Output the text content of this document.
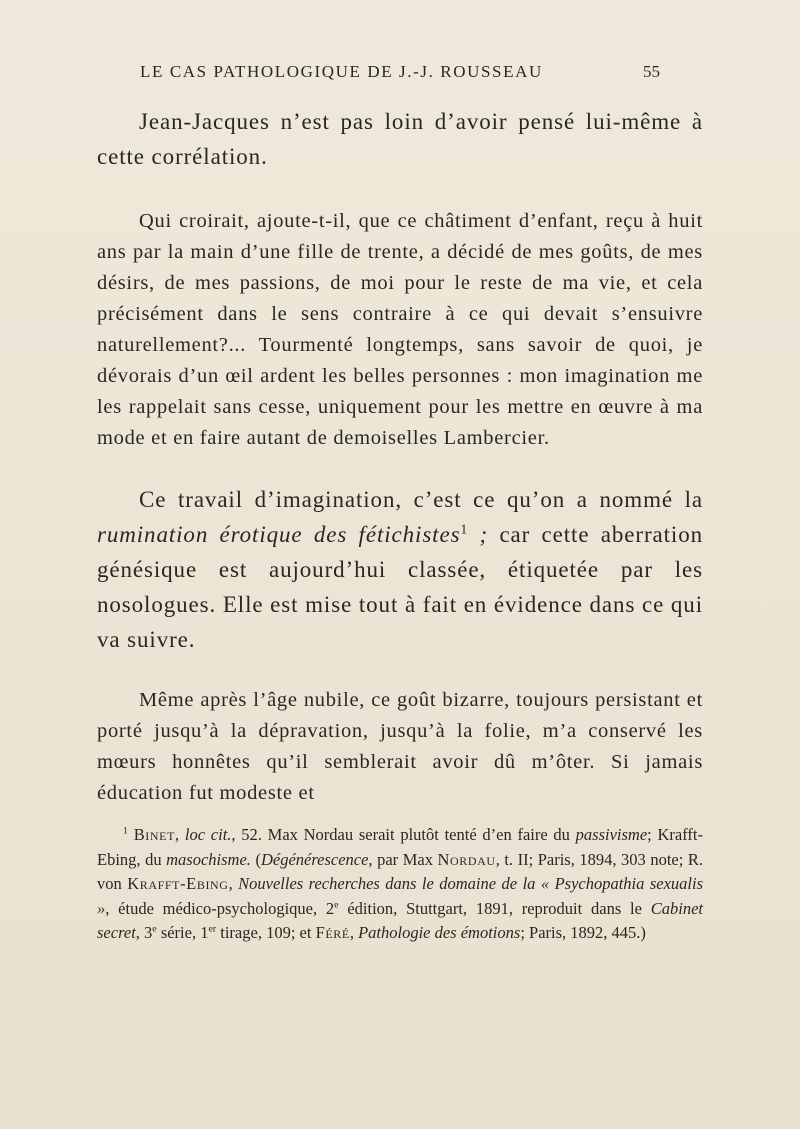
LE CAS PATHOLOGIQUE DE J.-J. ROUSSEAU	55

Jean-Jacques n’est pas loin d’avoir pensé lui-même à cette corrélation.

Qui croirait, ajoute-t-il, que ce châtiment d’enfant, reçu à huit ans par la main d’une fille de trente, a décidé de mes goûts, de mes désirs, de mes passions, de moi pour le reste de ma vie, et cela précisément dans le sens contraire à ce qui devait s’ensuivre naturellement?... Tourmenté longtemps, sans savoir de quoi, je dévorais d’un œil ardent les belles personnes : mon imagination me les rappelait sans cesse, uniquement pour les mettre en œuvre à ma mode et en faire autant de demoiselles Lambercier.

Ce travail d’imagination, c’est ce qu’on a nommé la rumination érotique des fétichistes$^1$ ; car cette aberration génésique est aujourd’hui classée, étiquetée par les nosologues. Elle est mise tout à fait en évidence dans ce qui va suivre.

Même après l’âge nubile, ce goût bizarre, toujours persistant et porté jusqu’à la dépravation, jusqu’à la folie, m’a conservé les mœurs honnêtes qu’il semblerait avoir dû m’ôter. Si jamais éducation fut modeste et

$^1$ Binet, loc cit., 52. Max Nordau serait plutôt tenté d’en faire du passivisme; Krafft-Ebing, du masochisme. (Dégénérescence, par Max Nordau, t. II; Paris, 1894, 303 note; R. von Krafft-Ebing, Nouvelles recherches dans le domaine de la « Psychopathia sexualis », étude médico-psychologique, 2e édition, Stuttgart, 1891, reproduit dans le Cabinet secret, 3e série, 1er tirage, 109; et Féré, Pathologie des émotions; Paris, 1892, 445.)
